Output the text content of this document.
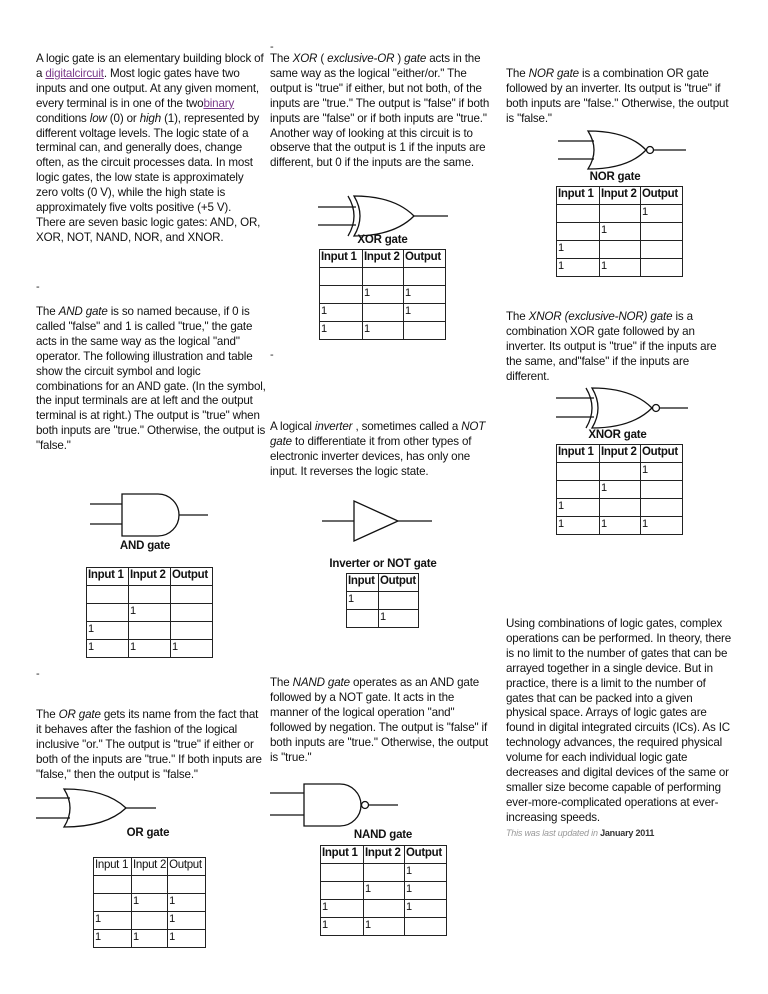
A logic gate is an elementary building block of a digitalcircuit. Most logic gates have two inputs and one output. At any given moment, every terminal is in one of the twobinary conditions low (0) or high (1), represented by different voltage levels. The logic state of a terminal can, and generally does, change often, as the circuit processes data. In most logic gates, the low state is approximately zero volts (0 V), while the high state is approximately five volts positive (+5 V).

There are seven basic logic gates: AND, OR, XOR, NOT, NAND, NOR, and XNOR.

-

The AND gate is so named because, if 0 is called "false" and 1 is called "true," the gate acts in the same way as the logical "and" operator. The following illustration and table show the circuit symbol and logic combinations for an AND gate. (In the symbol, the input terminals are at left and the output terminal is at right.) The output is "true" when both inputs are "true." Otherwise, the output is "false."

AND gate
Input 1	Input 2	Output

	1	
1		
1	1	1
-

The OR gate gets its name from the fact that it behaves after the fashion of the logical inclusive "or." The output is "true" if either or both of the inputs are "true." If both inputs are "false," then the output is "false."

OR gate
Input 1	Input 2	Output

	1	1
1		1
1	1	1
-

The XOR ( exclusive-OR ) gate acts in the same way as the logical "either/or." The output is "true" if either, but not both, of the inputs are "true." The output is "false" if both inputs are "false" or if both inputs are "true." Another way of looking at this circuit is to observe that the output is 1 if the inputs are different, but 0 if the inputs are the same.

XOR gate
Input 1	Input 2	Output

	1	1
1		1
1	1	
-

A logical inverter , sometimes called a NOT gate to differentiate it from other types of electronic inverter devices, has only one input. It reverses the logic state.

Inverter or NOT gate
Input	Output
1	
	1

The NAND gate operates as an AND gate followed by a NOT gate. It acts in the manner of the logical operation "and" followed by negation. The output is "false" if both inputs are "true." Otherwise, the output is "true."

NAND gate
Input 1	Input 2	Output
		1
	1	1
1		1
1	1	

The NOR gate is a combination OR gate followed by an inverter. Its output is "true" if both inputs are "false." Otherwise, the output is "false."

NOR gate
Input 1	Input 2	Output
		1
	1	
1		
1	1	

The XNOR (exclusive-NOR) gate is a combination XOR gate followed by an inverter. Its output is "true" if the inputs are the same, and"false" if the inputs are different.

XNOR gate
Input 1	Input 2	Output
		1
	1	
1		
1	1	1

Using combinations of logic gates, complex operations can be performed. In theory, there is no limit to the number of gates that can be arrayed together in a single device. But in practice, there is a limit to the number of gates that can be packed into a given physical space. Arrays of logic gates are found in digital integrated circuits (ICs). As IC technology advances, the required physical volume for each individual logic gate decreases and digital devices of the same or smaller size become capable of performing ever-more-complicated operations at ever-increasing speeds.

This was last updated in January 2011
